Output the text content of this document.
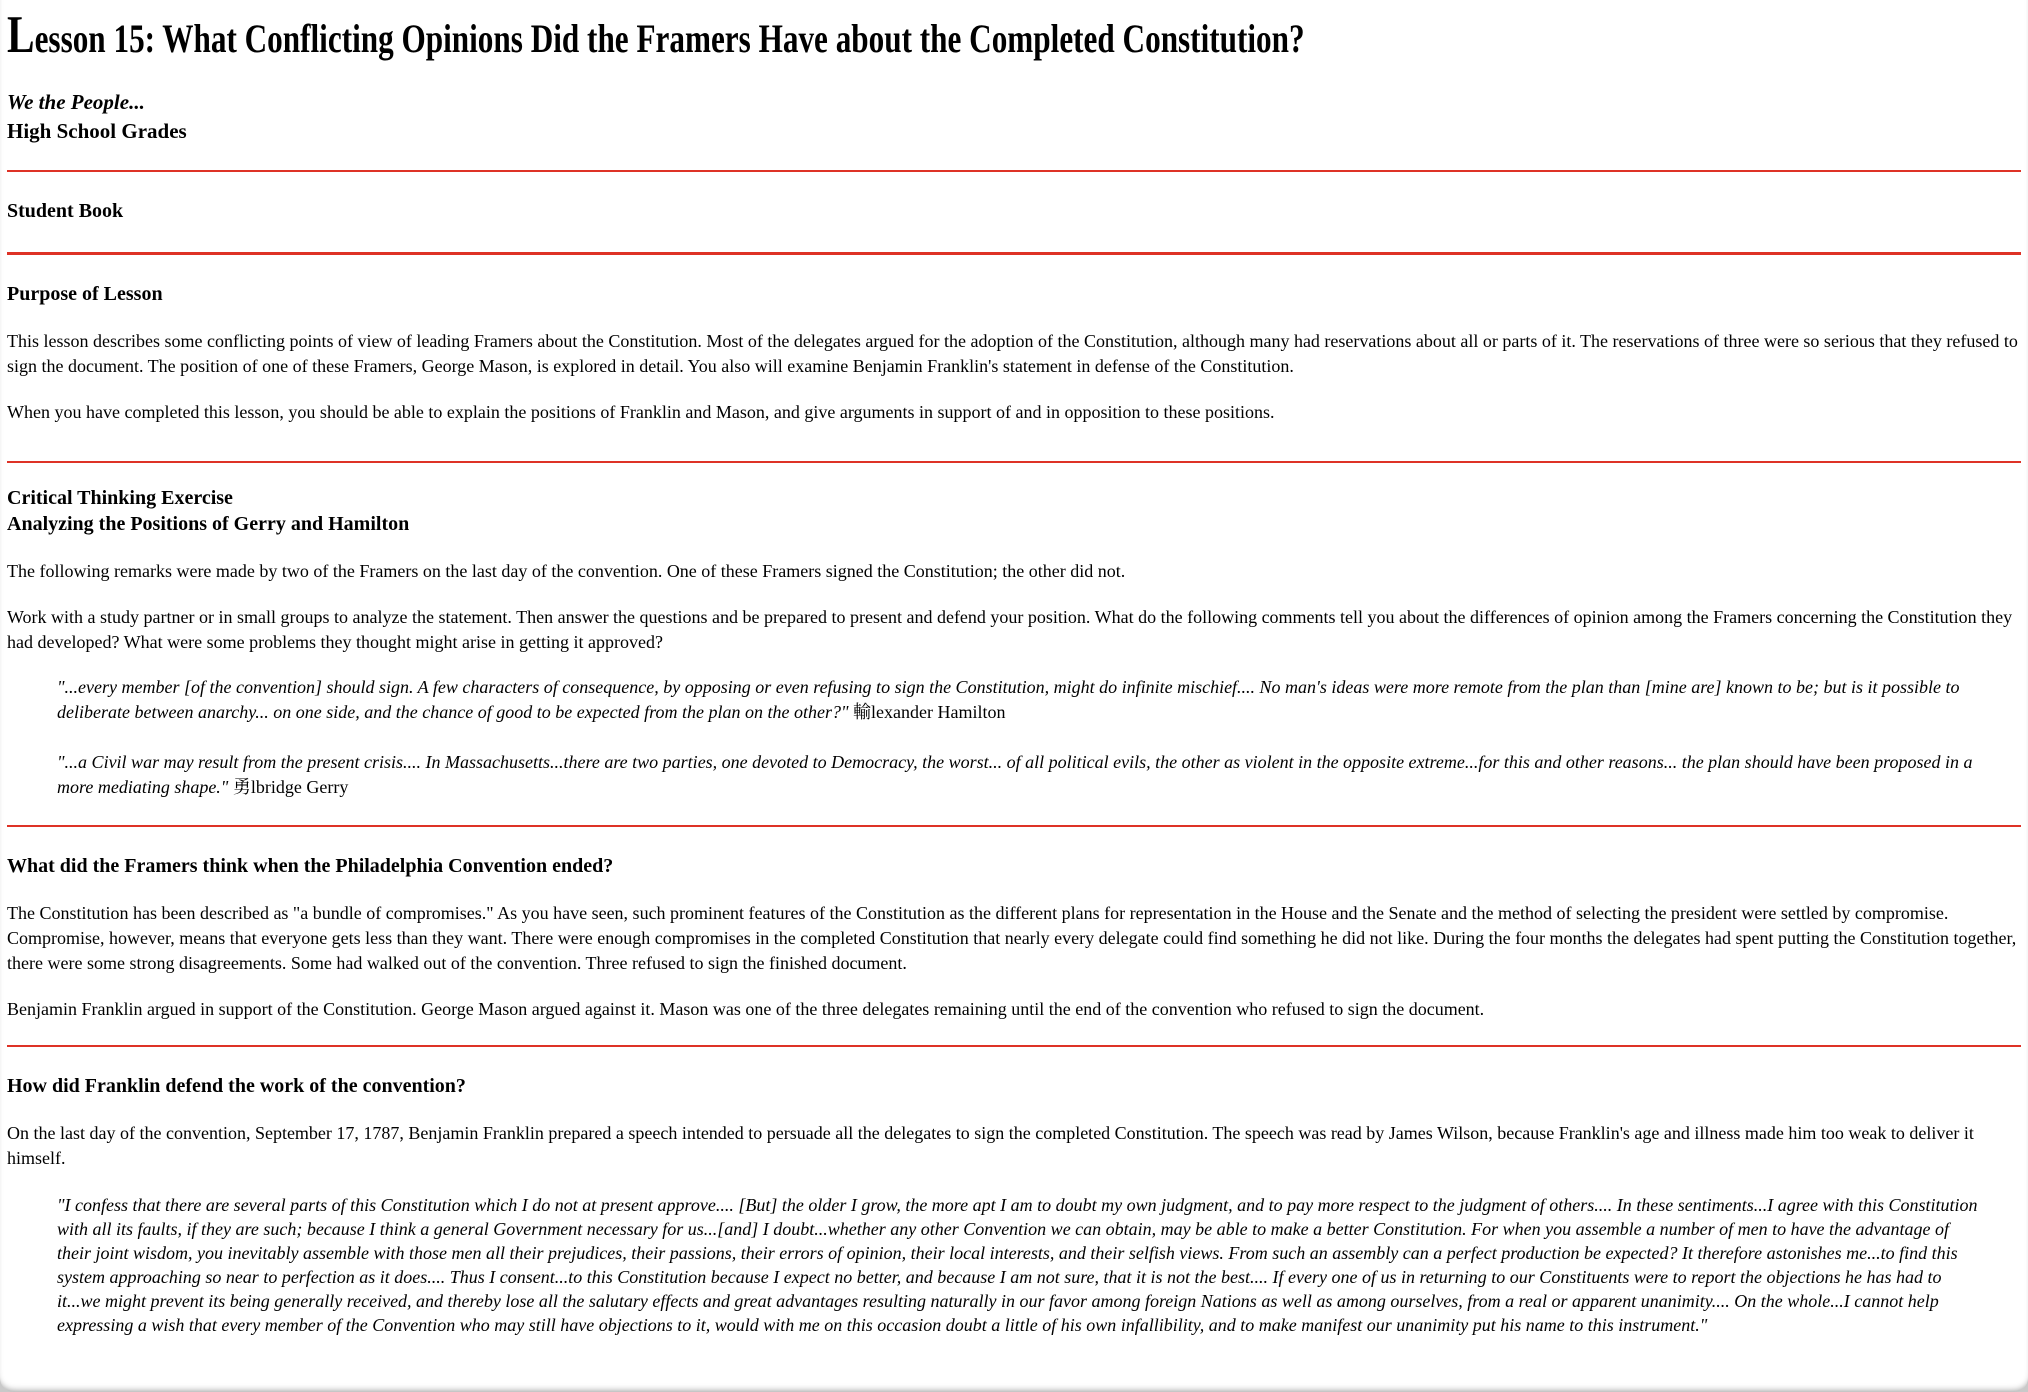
Lesson 15: What Conflicting Opinions Did the Framers Have about the Completed Constitution?
We the People...
High School Grades
Student Book
Purpose of Lesson

This lesson describes some conflicting points of view of leading Framers about the Constitution. Most of the delegates argued for the adoption of the Constitution, although many had reservations about all or parts of it. The reservations of three were so serious that they refused to sign the document. The position of one of these Framers, George Mason, is explored in detail. You also will examine Benjamin Franklin's statement in defense of the Constitution.

When you have completed this lesson, you should be able to explain the positions of Franklin and Mason, and give arguments in support of and in opposition to these positions.

Critical Thinking Exercise
Analyzing the Positions of Gerry and Hamilton

The following remarks were made by two of the Framers on the last day of the convention. One of these Framers signed the Constitution; the other did not.

Work with a study partner or in small groups to analyze the statement. Then answer the questions and be prepared to present and defend your position. What do the following comments tell you about the differences of opinion among the Framers concerning the Constitution they had developed? What were some problems they thought might arise in getting it approved?

"...every member [of the convention] should sign. A few characters of consequence, by opposing or even refusing to sign the Constitution, might do infinite mischief.... No man's ideas were more remote from the plan than [mine are] known to be; but is it possible to deliberate between anarchy... on one side, and the chance of good to be expected from the plan on the other?" 輸lexander Hamilton
"...a Civil war may result from the present crisis.... In Massachusetts...there are two parties, one devoted to Democracy, the worst... of all political evils, the other as violent in the opposite extreme...for this and other reasons... the plan should have been proposed in a more mediating shape." 勇lbridge Gerry
What did the Framers think when the Philadelphia Convention ended?

The Constitution has been described as "a bundle of compromises." As you have seen, such prominent features of the Constitution as the different plans for representation in the House and the Senate and the method of selecting the president were settled by compromise. Compromise, however, means that everyone gets less than they want. There were enough compromises in the completed Constitution that nearly every delegate could find something he did not like. During the four months the delegates had spent putting the Constitution together, there were some strong disagreements. Some had walked out of the convention. Three refused to sign the finished document.

Benjamin Franklin argued in support of the Constitution. George Mason argued against it. Mason was one of the three delegates remaining until the end of the convention who refused to sign the document.

How did Franklin defend the work of the convention?

On the last day of the convention, September 17, 1787, Benjamin Franklin prepared a speech intended to persuade all the delegates to sign the completed Constitution. The speech was read by James Wilson, because Franklin's age and illness made him too weak to deliver it himself.

"I confess that there are several parts of this Constitution which I do not at present approve.... [But] the older I grow, the more apt I am to doubt my own judgment, and to pay more respect to the judgment of others.... In these sentiments...I agree with this Constitution with all its faults, if they are such; because I think a general Government necessary for us...[and] I doubt...whether any other Convention we can obtain, may be able to make a better Constitution. For when you assemble a number of men to have the advantage of their joint wisdom, you inevitably assemble with those men all their prejudices, their passions, their errors of opinion, their local interests, and their selfish views. From such an assembly can a perfect production be expected? It therefore astonishes me...to find this system approaching so near to perfection as it does.... Thus I consent...to this Constitution because I expect no better, and because I am not sure, that it is not the best.... If every one of us in returning to our Constituents were to report the objections he has had to it...we might prevent its being generally received, and thereby lose all the salutary effects and great advantages resulting naturally in our favor among foreign Nations as well as among ourselves, from a real or apparent unanimity.... On the whole...I cannot help expressing a wish that every member of the Convention who may still have objections to it, would with me on this occasion doubt a little of his own infallibility, and to make manifest our unanimity put his name to this instrument."
